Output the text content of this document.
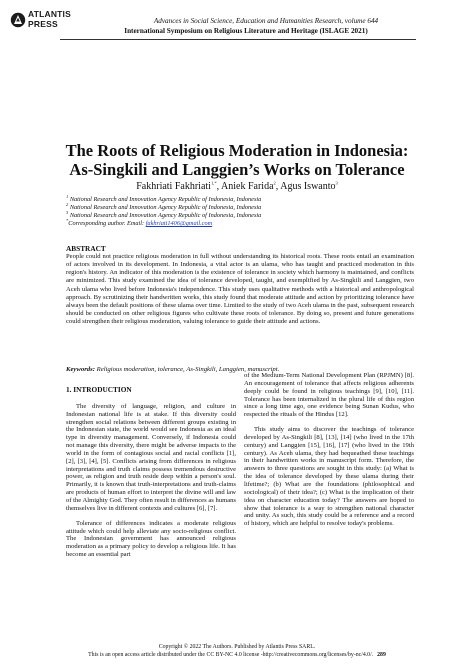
ATLANTIS
PRESS	Advances in Social Science, Education and Humanities Research, volume 644
International Symposium on Religious Literature and Heritage (ISLAGE 2021)
The Roots of Religious Moderation in Indonesia:
As-Singkili and Langgien’s Works on Tolerance
Fakhriati Fakhriati$^{1,*}$, Aniek Farida$^2$, Agus Iswanto$^3$
$^1$ National Research and Innovation Agency Republic of Indonesia, Indonesia
$^2$ National Research and Innovation Agency Republic of Indonesia, Indonesia
$^3$ National Research and Innovation Agency Republic of Indonesia, Indonesia
*Corresponding author. Email: fakhriati1406@gmail.com
ABSTRACT
People could not practice religious moderation in full without understanding its historical roots. These roots entail an examination of actors involved in its development. In Indonesia, a vital actor is an ulama, who has taught and practiced moderation in this region's history. An indicator of this moderation is the existence of tolerance in society which harmony is maintained, and conflicts are minimized. This study examined the idea of tolerance developed, taught, and exemplified by As-Singkili and Langgien, two Aceh ulama who lived before Indonesia's independence. This study uses qualitative methods with a historical and anthropological approach. By scrutinizing their handwritten works, this study found that moderate attitude and action by prioritizing tolerance have always been the default positions of these ulama over time. Limited to the study of two Aceh ulama in the past, subsequent research should be conducted on other religious figures who cultivate these roots of tolerance. By doing so, present and future generations could strengthen their religious moderation, valuing tolerance to guide their attitude and actions.
Keywords: Religious moderation, tolerance, As-Singkili, Langgien, manuscript.
1. INTRODUCTION

The diversity of language, religion, and culture in Indonesian national life is at stake. If this diversity could strengthen social relations between different groups existing in the Indonesian state, the world would see Indonesia as an ideal type in diversity management. Conversely, if Indonesia could not manage this diversity, there might be adverse impacts to the world in the form of contagious social and racial conflicts [1], [2], [3], [4], [5]. Conflicts arising from differences in religious interpretations and truth claims possess tremendous destructive power, as religion and truth reside deep within a person's soul. Primarily, it is known that truth-interpretations and truth-claims are products of human effort to interpret the divine will and law of the Almighty God. They often result in differences as humans themselves live in different contexts and cultures [6], [7].

Tolerance of differences indicates a moderate religious attitude which could help alleviate any socio-religious conflict. The Indonesian government has announced religious moderation as a primary policy to develop a religious life. It has become an essential part

of the Medium-Term National Development Plan (RPJMN) [8]. An encouragement of tolerance that affects religious adherents deeply could be found in religious teachings [9], [10], [11]. Tolerance has been internalized in the plural life of this region since a long time ago, one evidence being Sunan Kudus, who respected the rituals of the Hindus [12].

This study aims to discover the teachings of tolerance developed by As-Singkili [8], [13], [14] (who lived in the 17th century) and Langgien [15], [16], [17] (who lived in the 19th century). As Aceh ulama, they had bequeathed these teachings in their handwritten works in manuscript form. Therefore, the answers to three questions are sought in this study: (a) What is the idea of tolerance developed by these ulama during their lifetime?; (b) What are the foundations (philosophical and sociological) of their idea?; (c) What is the implication of their idea on character education today? The answers are hoped to show that tolerance is a way to strengthen national character and unity. As such, this study could be a reference and a record of history, which are helpful to resolve today's problems.

Copyright © 2022 The Authors. Published by Atlantis Press SARL.
This is an open access article distributed under the CC BY-NC 4.0 license -http://creativecommons.org/licenses/by-nc/4.0/. 289
